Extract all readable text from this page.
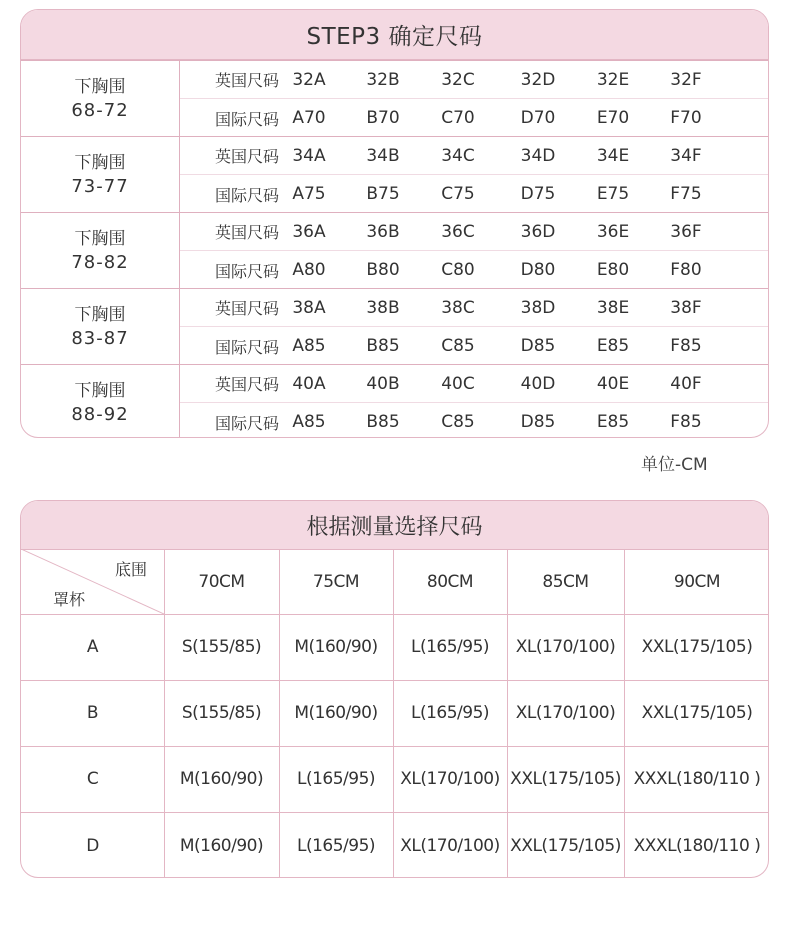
STEP3 确定尺码
下胸围
68-72
英国尺码 32A	32B	32C	32D	32E	32F
国际尺码 A70	B70	C70	D70	E70	F70
下胸围
73-77
英国尺码 34A	34B	34C	34D	34E	34F
国际尺码 A75	B75	C75	D75	E75	F75
下胸围
78-82
英国尺码 36A	36B	36C	36D	36E	36F
国际尺码 A80	B80	C80	D80	E80	F80
下胸围
83-87
英国尺码 38A	38B	38C	38D	38E	38F
国际尺码 A85	B85	C85	D85	E85	F85
下胸围
88-92
英国尺码 40A	40B	40C	40D	40E	40F
国际尺码 A85	B85	C85	D85	E85	F85
单位-CM
根据测量选择尺码
底围
罩杯
70CM	75CM	80CM	85CM	90CM
A	S(155/85)	M(160/90)	L(165/95)	XL(170/100)	XXL(175/105)
B	S(155/85)	M(160/90)	L(165/95)	XL(170/100)	XXL(175/105)
C	M(160/90)	L(165/95)	XL(170/100) XXL(175/105) XXXL(180/110 )
D	M(160/90)	L(165/95)	XL(170/100) XXL(175/105) XXXL(180/110 )
